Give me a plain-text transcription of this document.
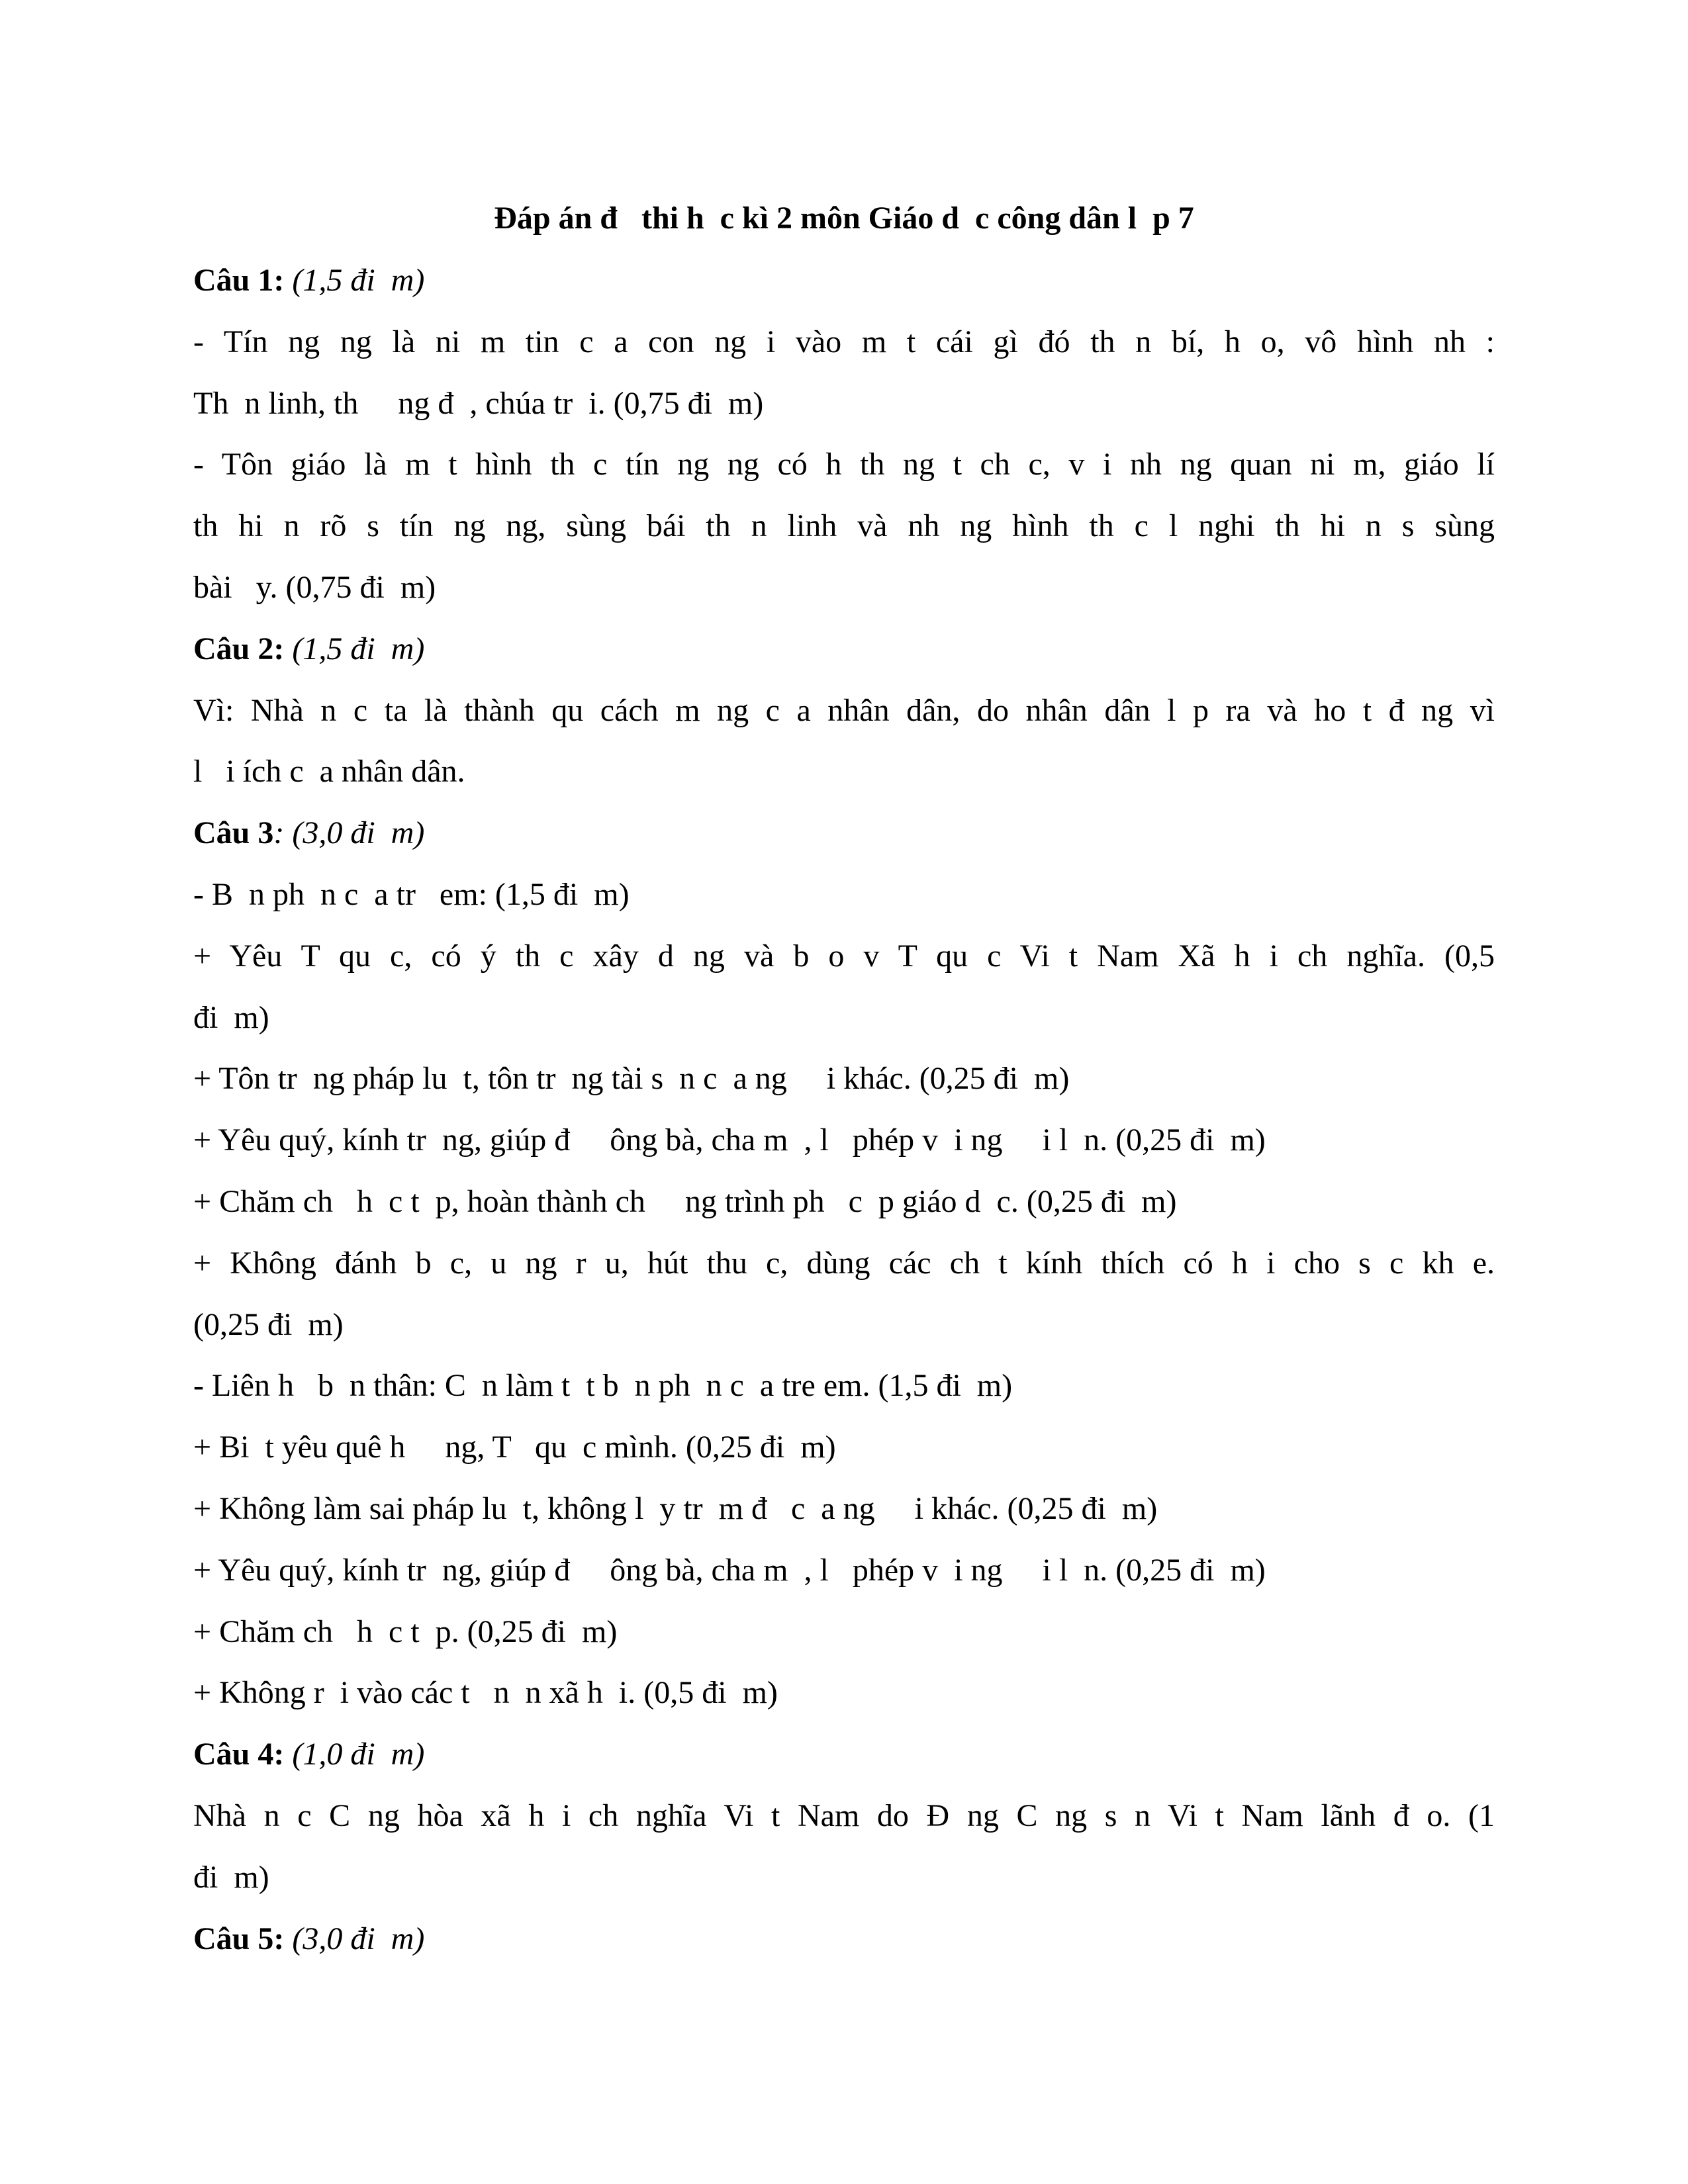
Đáp án đ   thi h  c kì 2 môn Giáo d  c công dân l  p 7
Câu 1: (1,5 đi  m)
- Tín ng ng là ni m tin c a con ng i vào m t cái gì đó th n bí, h o, vô hình nh :
Th  n linh, th     ng đ  , chúa tr  i. (0,75 đi  m)
- Tôn giáo là m t hình th c tín ng ng có h th ng t ch c, v i nh ng quan ni m, giáo lí
th hi n rõ s tín ng ng, sùng bái th n linh và nh ng hình th c l nghi th hi n s sùng
bài   y. (0,75 đi  m)
Câu 2: (1,5 đi  m)
Vì: Nhà n c ta là thành qu cách m ng c a nhân dân, do nhân dân l p ra và ho t đ ng vì
l   i ích c  a nhân dân.
Câu 3: (3,0 đi  m)
- B  n ph  n c  a tr   em: (1,5 đi  m)
+ Yêu T qu c, có ý th c xây d ng và b o v T qu c Vi t Nam Xã h i ch nghĩa. (0,5
đi  m)
+ Tôn tr  ng pháp lu  t, tôn tr  ng tài s  n c  a ng     i khác. (0,25 đi  m)
+ Yêu quý, kính tr  ng, giúp đ     ông bà, cha m  , l   phép v  i ng     i l  n. (0,25 đi  m)
+ Chăm ch   h  c t  p, hoàn thành ch     ng trình ph   c  p giáo d  c. (0,25 đi  m)
+ Không đánh b c, u ng r u, hút thu c, dùng các ch t kính thích có h i cho s c kh e.
(0,25 đi  m)
- Liên h   b  n thân: C  n làm t  t b  n ph  n c  a tre em. (1,5 đi  m)
+ Bi  t yêu quê h     ng, T   qu  c mình. (0,25 đi  m)
+ Không làm sai pháp lu  t, không l  y tr  m đ   c  a ng     i khác. (0,25 đi  m)
+ Yêu quý, kính tr  ng, giúp đ     ông bà, cha m  , l   phép v  i ng     i l  n. (0,25 đi  m)
+ Chăm ch   h  c t  p. (0,25 đi  m)
+ Không r  i vào các t   n  n xã h  i. (0,5 đi  m)
Câu 4: (1,0 đi  m)
Nhà n c C ng hòa xã h i ch nghĩa Vi t Nam do Đ ng C ng s n Vi t Nam lãnh đ o. (1
đi  m)
Câu 5: (3,0 đi  m)
